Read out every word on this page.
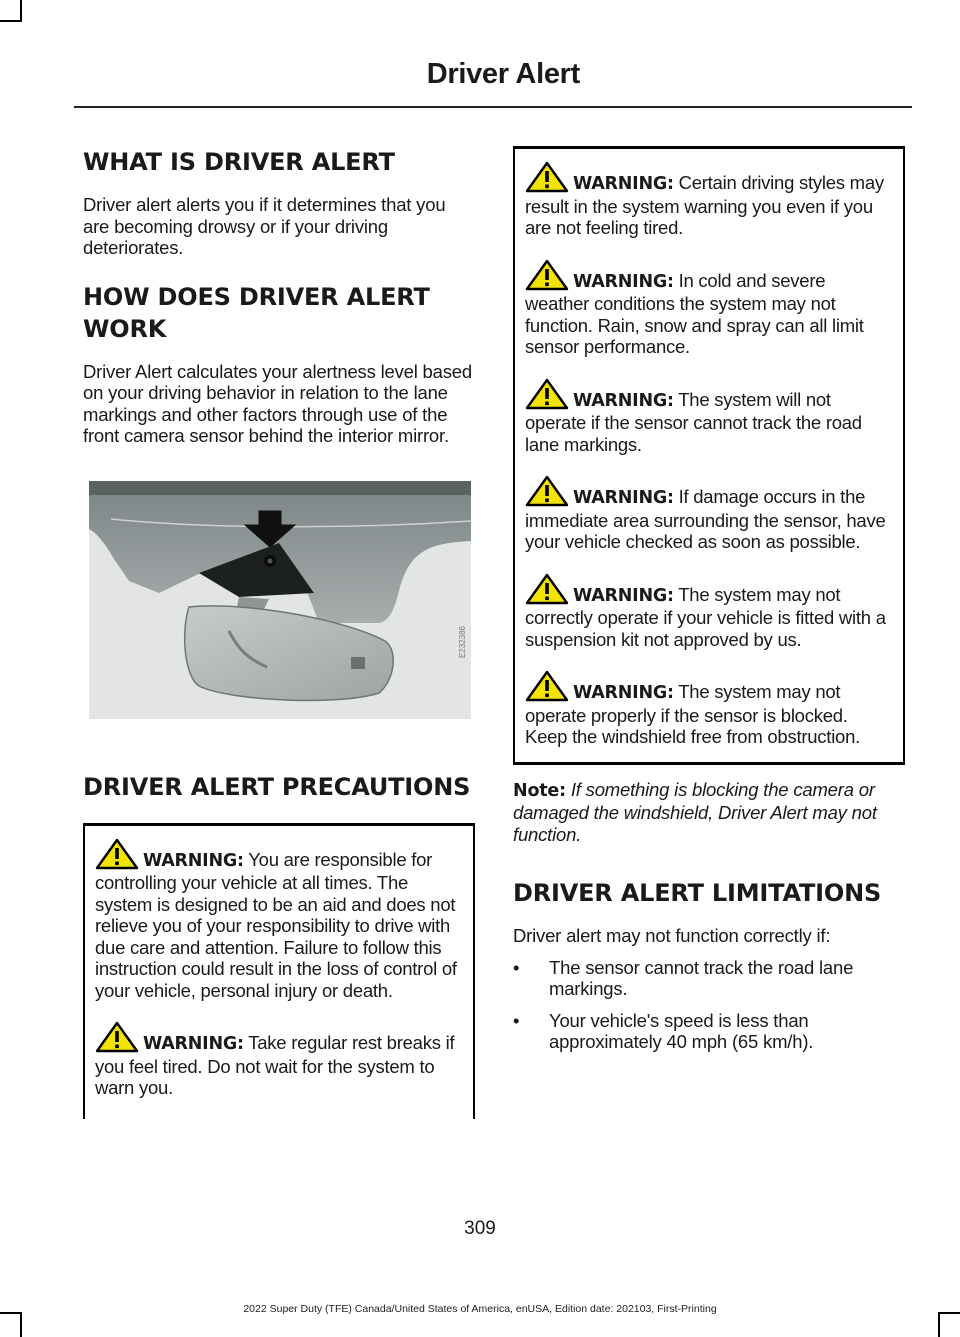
Driver Alert
WHAT IS DRIVER ALERT

Driver alert alerts you if it determines that you are becoming drowsy or if your driving deteriorates.

HOW DOES DRIVER ALERT
WORK

Driver Alert calculates your alertness level based on your driving behavior in relation to the lane markings and other factors through use of the front camera sensor behind the interior mirror.

E232386
DRIVER ALERT PRECAUTIONS

WARNING: You are responsible for controlling your vehicle at all times. The system is designed to be an aid and does not relieve you of your responsibility to drive with due care and attention. Failure to follow this instruction could result in the loss of control of your vehicle, personal injury or death.

WARNING: Take regular rest breaks if you feel tired. Do not wait for the system to warn you.

WARNING: Certain driving styles may result in the system warning you even if you are not feeling tired.

WARNING: In cold and severe weather conditions the system may not function. Rain, snow and spray can all limit sensor performance.

WARNING: The system will not operate if the sensor cannot track the road lane markings.

WARNING: If damage occurs in the immediate area surrounding the sensor, have your vehicle checked as soon as possible.

WARNING: The system may not correctly operate if your vehicle is fitted with a suspension kit not approved by us.

WARNING: The system may not operate properly if the sensor is blocked. Keep the windshield free from obstruction.

Note: If something is blocking the camera or damaged the windshield, Driver Alert may not function.

DRIVER ALERT LIMITATIONS

Driver alert may not function correctly if:

• The sensor cannot track the road lane markings.
• Your vehicle's speed is less than approximately 40 mph (65 km/h).
309
2022 Super Duty (TFE) Canada/United States of America, enUSA, Edition date: 202103, First-Printing
